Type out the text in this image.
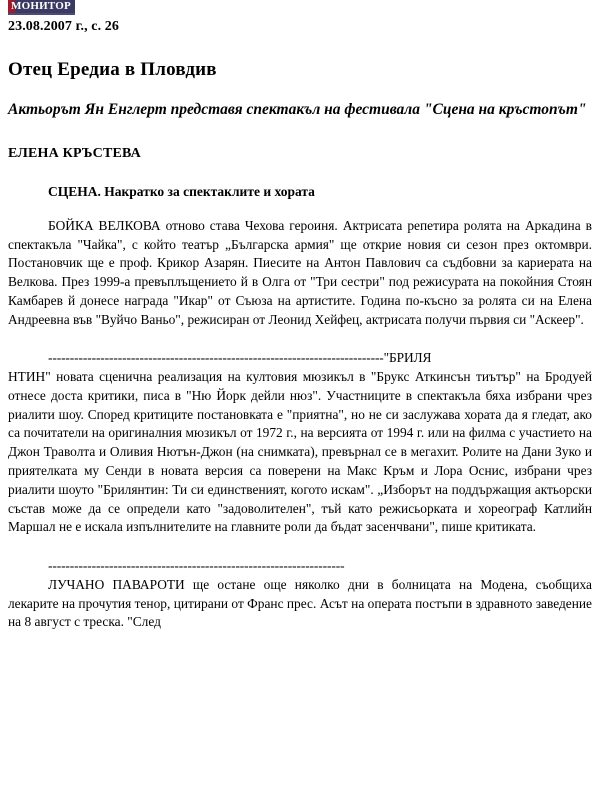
МОНИТОР
23.08.2007 г., с. 26
Отец Ередиа в Пловдив
Актьорът Ян Енглерт представя спектакъл на фестивала "Сцена на кръстопът"
ЕЛЕНА КРЪСТЕВА
СЦЕНА. Накратко за спектаклите и хората

БОЙКА ВЕЛКОВА отново става Чехова героиня. Актрисата репетира ролята на Аркадина в спектакъла "Чайка", с който театър „Българска армия" ще открие новия си сезон през октомври. Постановчик ще е проф. Крикор Азарян. Пиесите на Антон Павлович са съдбовни за кариерата на Велкова. През 1999-а превъплъщението й в Олга от "Три сестри" под режисурата на покойния Стоян Камбарев й донесе награда "Икар" от Съюза на артистите. Година по-късно за ролята си на Елена Андреевна във "Вуйчо Ваньо", режисиран от Леонид Хейфец, актрисата получи първия си "Аскеер".

-----------------------------------------------------------------------------"БРИЛЯ

НТИН" новата сценична реализация на култовия мюзикъл в "Брукс Аткинсън тиътър" на Бродуей отнесе доста критики, писа в "Ню Йорк дейли нюз". Участниците в спектакъла бяха избрани чрез риалити шоу. Според критиците постановката е "приятна", но не си заслужава хората да я гледат, ако са почитатели на оригиналния мюзикъл от 1972 г., на версията от 1994 г. или на филма с участието на Джон Траволта и Оливия Нютън-Джон (на снимката), превърнал се в мегахит. Ролите на Дани Зуко и приятелката му Сенди в новата версия са поверени на Макс Кръм и Лора Оснис, избрани чрез риалити шоуто "Брилянтин: Ти си единственият, когото искам". „Изборът на поддържащия актьорски състав може да се определи като "задоволителен", тъй като режисьорката и хореограф Катлийн Маршал не е искала изпълнителите на главните роли да бъдат засенчвани", пише критиката.

--------------------------------------------------------------------

ЛУЧАНО ПАВАРОТИ ще остане още няколко дни в болницата на Модена, съобщиха лекарите на прочутия тенор, цитирани от Франс прес. Асът на операта постъпи в здравното заведение на 8 август с треска. "След
